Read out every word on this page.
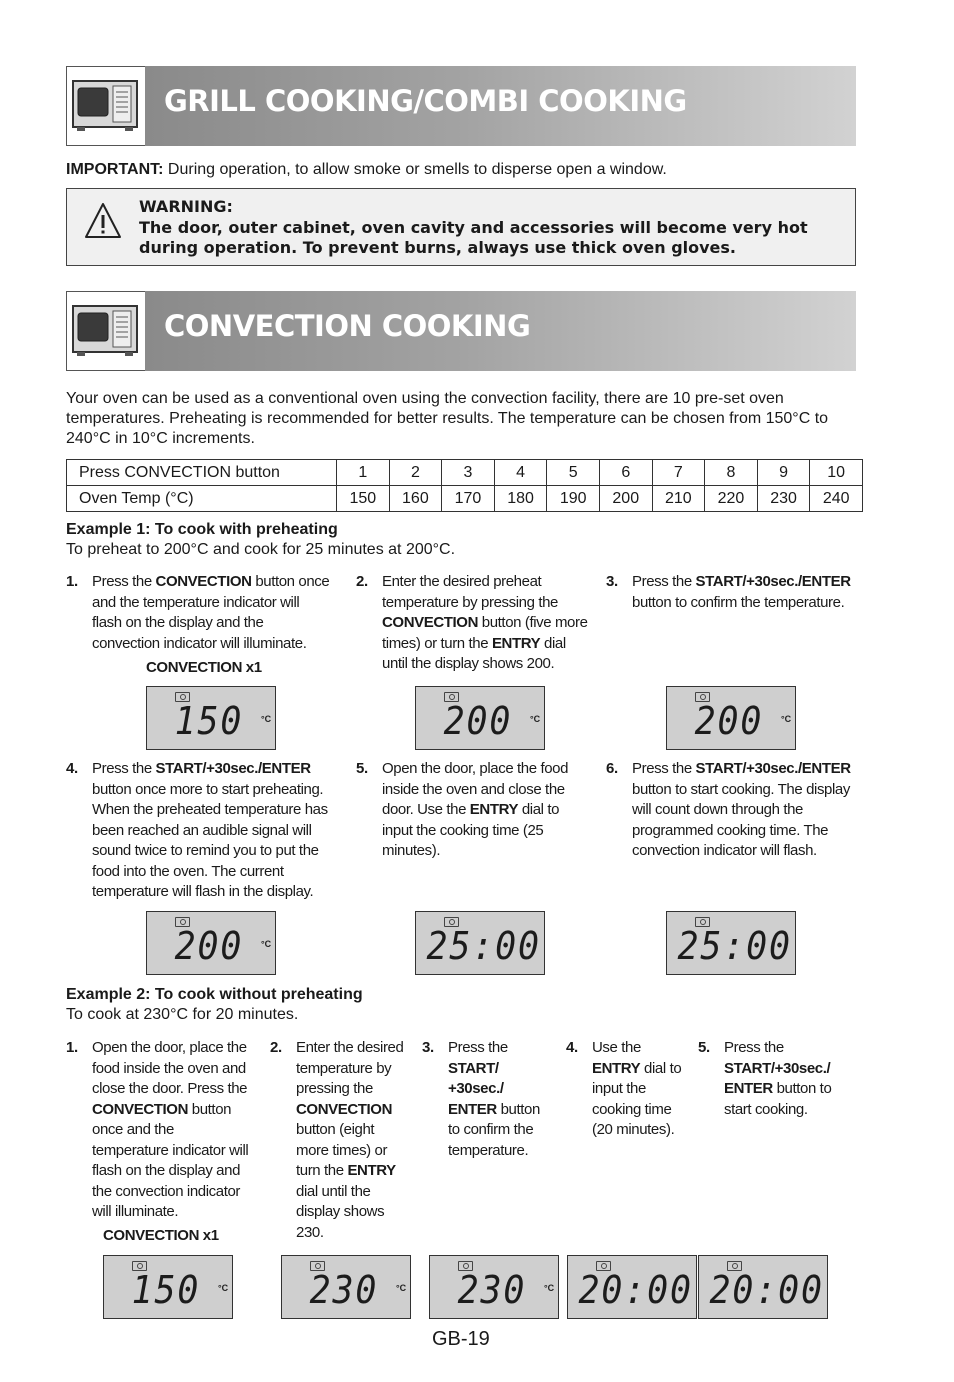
GRILL COOKING/COMBI COOKING
IMPORTANT: During operation, to allow smoke or smells to disperse open a window.
WARNING:
The door, outer cabinet, oven cavity and accessories will become very hot during operation. To prevent burns, always use thick oven gloves.
CONVECTION COOKING
Your oven can be used as a conventional oven using the convection facility, there are 10 pre-set oven temperatures. Preheating is recommended for better results. The temperature can be chosen from 150°C to 240°C in 10°C increments.
Press CONVECTION button	1	2	3	4	5	6	7	8	9	10
Oven Temp (°C)	150	160	170	180	190	200	210	220	230	240
Example 1: To cook with preheating
To preheat to 200°C and cook for 25 minutes at 200°C.
1. Press the CONVECTION button once and the temperature indicator will flash on the display and the convection indicator will illuminate.
2. Enter the desired preheat temperature by pressing the CONVECTION button (five more times) or turn the ENTRY dial until the display shows 200.
3. Press the START/+30sec./ENTER button to confirm the temperature.
CONVECTION x1
4. Press the START/+30sec./ENTER button once more to start preheating. When the preheated temperature has been reached an audible signal will sound twice to remind you to put the food into the oven. The current temperature will flash in the display.
5. Open the door, place the food inside the oven and close the door. Use the ENTRY dial to input the cooking time (25 minutes).
6. Press the START/+30sec./ENTER button to start cooking. The display will count down through the programmed cooking time. The convection indicator will flash.
150	°C	200	°C	200	°C
200	°C	25:00	25:00
Example 2: To cook without preheating
To cook at 230°C for 20 minutes.
1. Open the door, place the food inside the oven and close the door. Press the CONVECTION button once and the temperature indicator will flash on the display and the convection indicator will illuminate.
2. Enter the desired temperature by pressing the CONVECTION button (eight more times) or turn the ENTRY dial until the display shows 230.
3. Press the START/ +30sec./ ENTER button to confirm the temperature.
4. Use the ENTRY dial to input the cooking time (20 minutes).
5. Press the START/+30sec./ ENTER button to start cooking.
CONVECTION x1
150	°C	230	°C	230	°C 20:00 20:00
GB-19
